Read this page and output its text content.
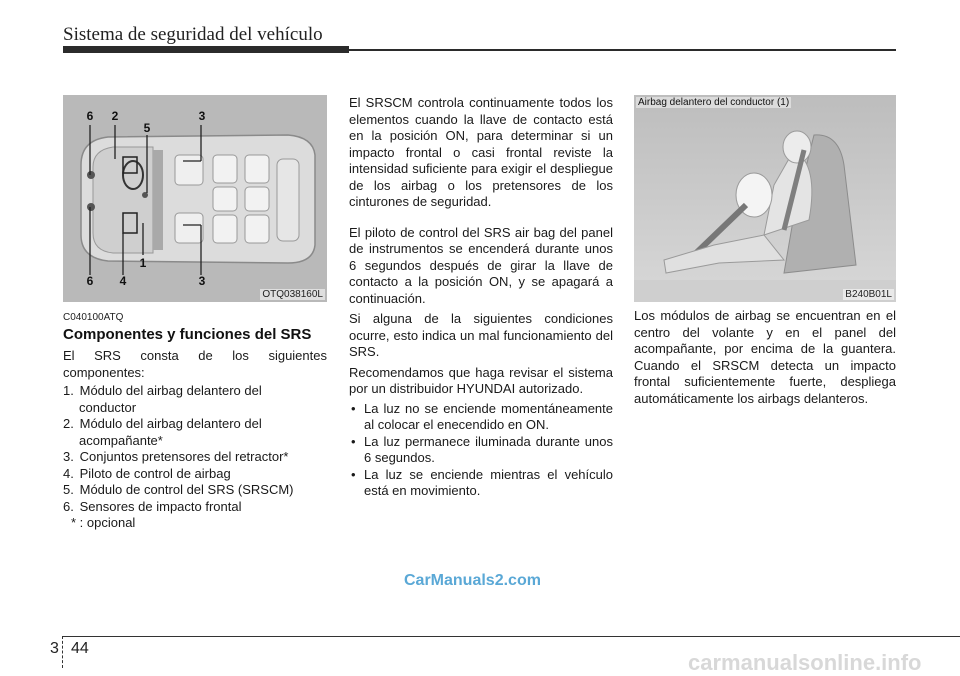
Sistema de seguridad del vehículo
6	2
5
3
6	4
1
3
OTQ038160L
C040100ATQ
Componentes y funciones del SRS
El SRS consta de los siguientes componentes:
1. Módulo del airbag delantero del
conductor
2. Módulo del airbag delantero del
acompañante*
3. Conjuntos pretensores del retractor*
4. Piloto de control de airbag
5. Módulo de control del SRS (SRSCM)
6. Sensores de impacto frontal
* : opcional
El SRSCM controla continuamente todos los elementos cuando la llave de contacto está en la posición ON, para determinar si un impacto frontal o casi frontal reviste la intensidad suficiente para exigir el despliegue de los airbag o los pretensores de los cinturones de seguridad.
El piloto de control del SRS air bag del panel de instrumentos se encenderá durante unos 6 segundos después de girar la llave de contacto a la posición ON, y se apagará a continuación.
Si alguna de la siguientes condiciones ocurre, esto indica un mal funcionamiento del SRS.
Recomendamos que haga revisar el sistema por un distribuidor HYUNDAI autorizado.
• La luz no se enciende momentáneamente al colocar el enecendido en ON.
• La luz permanece iluminada durante unos 6 segundos.
• La luz se enciende mientras el vehículo está en movimiento.
Airbag delantero del conductor (1)
B240B01L
Los módulos de airbag se encuentran en el centro del volante y en el panel del acompañante, por encima de la guantera. Cuando el SRSCM detecta un impacto frontal suficientemente fuerte, despliega automáticamente los airbags delanteros.
CarManuals2.com
3 44
carmanualsonline.info
